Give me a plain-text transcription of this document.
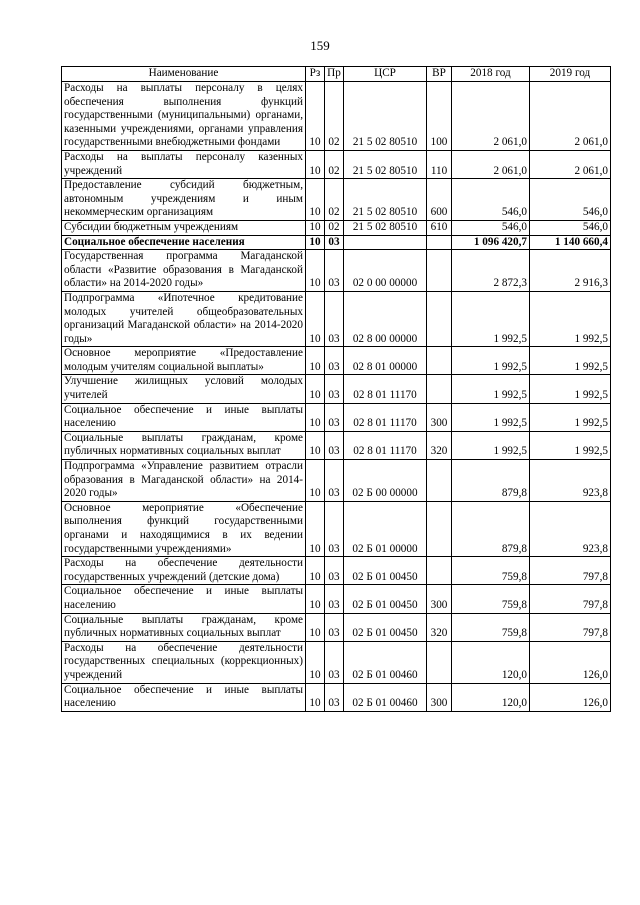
159
Наименование	Рз	Пр	ЦСР	ВР	2018 год	2019 год
Расходы на выплаты персоналу в целях обеспечения выполнения функций государственными (муниципальными) органами, казенными учреждениями, органами управления государственными внебюджетными фондами	10	02	21 5 02 80510	100	2 061,0	2 061,0
Расходы на выплаты персоналу казенных учреждений	10	02	21 5 02 80510	110	2 061,0	2 061,0
Предоставление субсидий бюджетным, автономным учреждениям и иным некоммерческим организациям	10	02	21 5 02 80510	600	546,0	546,0
Субсидии бюджетным учреждениям	10	02	21 5 02 80510	610	546,0	546,0
Социальное обеспечение населения	10	03			1 096 420,7	1 140 660,4
Государственная программа Магаданской области «Развитие образования в Магаданской области» на 2014-2020 годы»	10	03	02 0 00 00000		2 872,3	2 916,3
Подпрограмма «Ипотечное кредитование молодых учителей общеобразовательных организаций Магаданской области» на 2014-2020 годы»	10	03	02 8 00 00000		1 992,5	1 992,5
Основное мероприятие «Предоставление молодым учителям социальной выплаты»	10	03	02 8 01 00000		1 992,5	1 992,5
Улучшение жилищных условий молодых учителей	10	03	02 8 01 11170		1 992,5	1 992,5
Социальное обеспечение и иные выплаты населению	10	03	02 8 01 11170	300	1 992,5	1 992,5
Социальные выплаты гражданам, кроме публичных нормативных социальных выплат	10	03	02 8 01 11170	320	1 992,5	1 992,5
Подпрограмма «Управление развитием отрасли образования в Магаданской области» на 2014-2020 годы»	10	03	02 Б 00 00000		879,8	923,8
Основное мероприятие «Обеспечение выполнения функций государственными органами и находящимися в их ведении государственными учреждениями»	10	03	02 Б 01 00000		879,8	923,8
Расходы на обеспечение деятельности государственных учреждений (детские дома)	10	03	02 Б 01 00450		759,8	797,8
Социальное обеспечение и иные выплаты населению	10	03	02 Б 01 00450	300	759,8	797,8
Социальные выплаты гражданам, кроме публичных нормативных социальных выплат	10	03	02 Б 01 00450	320	759,8	797,8
Расходы на обеспечение деятельности государственных специальных (коррекционных) учреждений	10	03	02 Б 01 00460		120,0	126,0
Социальное обеспечение и иные выплаты населению	10	03	02 Б 01 00460	300	120,0	126,0
